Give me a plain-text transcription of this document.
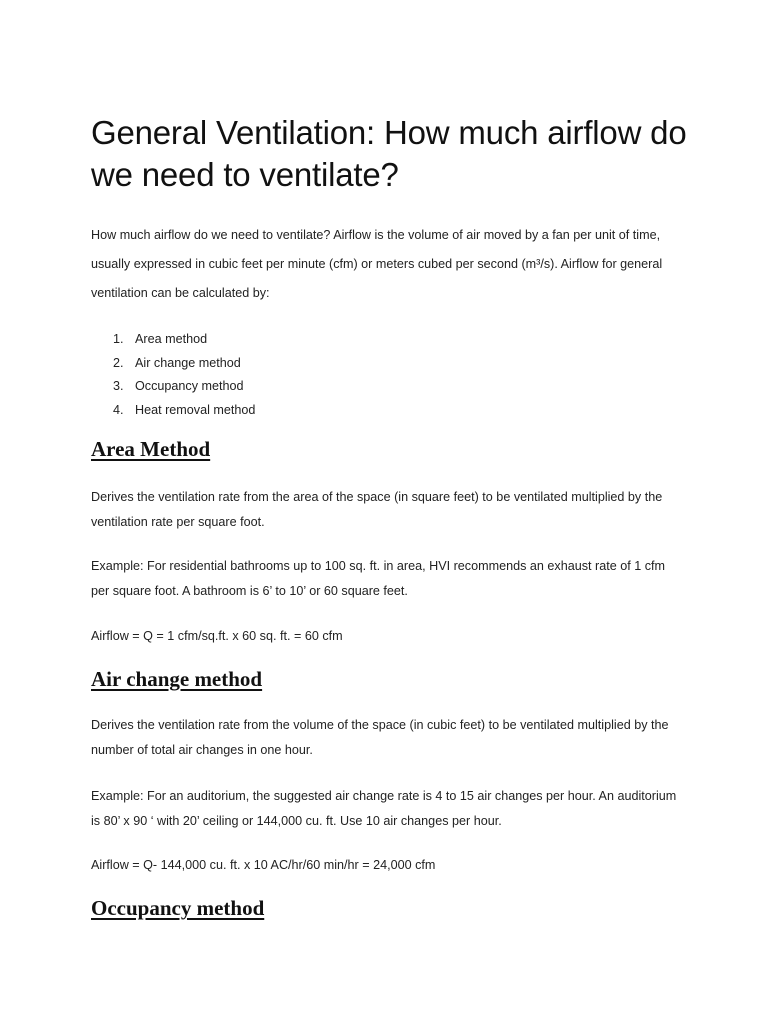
General Ventilation: How much airflow do we need to ventilate?

How much airflow do we need to ventilate? Airflow is the volume of air moved by a fan per unit of time, usually expressed in cubic feet per minute (cfm) or meters cubed per second (m³/s). Airflow for general ventilation can be calculated by:

1. Area method
2. Air change method
3. Occupancy method
4. Heat removal method
Area Method

Derives the ventilation rate from the area of the space (in square feet) to be ventilated multiplied by the ventilation rate per square foot.

Example: For residential bathrooms up to 100 sq. ft. in area, HVI recommends an exhaust rate of 1 cfm per square foot. A bathroom is 6’ to 10’ or 60 square feet.

Airflow = Q = 1 cfm/sq.ft. x 60 sq. ft. = 60 cfm

Air change method

Derives the ventilation rate from the volume of the space (in cubic feet) to be ventilated multiplied by the number of total air changes in one hour.

Example: For an auditorium, the suggested air change rate is 4 to 15 air changes per hour. An auditorium is 80’ x 90 ‘ with 20’ ceiling or 144,000 cu. ft. Use 10 air changes per hour.

Airflow = Q- 144,000 cu. ft. x 10 AC/hr/60 min/hr = 24,000 cfm

Occupancy method
